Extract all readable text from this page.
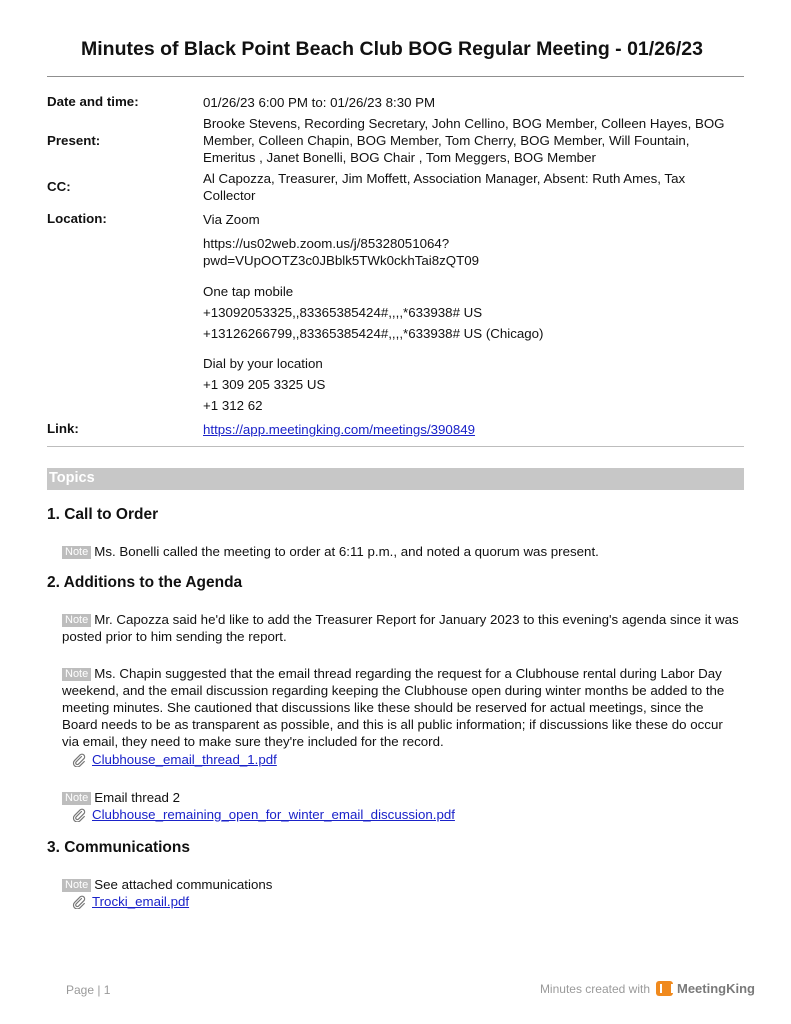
Minutes of Black Point Beach Club BOG Regular Meeting - 01/26/23
Date and time:	01/26/23 6:00 PM to: 01/26/23 8:30 PM
Present:
Brooke Stevens, Recording Secretary, John Cellino, BOG Member, Colleen Hayes, BOG Member, Colleen Chapin, BOG Member, Tom Cherry, BOG Member, Will Fountain, Emeritus , Janet Bonelli, BOG Chair , Tom Meggers, BOG Member
CC:
Al Capozza, Treasurer, Jim Moffett, Association Manager, Absent: Ruth Ames, Tax Collector
Location:	Via Zoom
https://us02web.zoom.us/j/85328051064?
pwd=VUpOOTZ3c0JBblk5TWk0ckhTai8zQT09
One tap mobile
+13092053325,,83365385424#,,,,*633938# US
+13126266799,,83365385424#,,,,*633938# US (Chicago)
Dial by your location
+1 309 205 3325 US
+1 312 62
Link:	https://app.meetingking.com/meetings/390849
Topics
1. Call to Order
Note Ms. Bonelli called the meeting to order at 6:11 p.m., and noted a quorum was present.
2. Additions to the Agenda
Note Mr. Capozza said he'd like to add the Treasurer Report for January 2023 to this evening's agenda since it was posted prior to him sending the report.
Note Ms. Chapin suggested that the email thread regarding the request for a Clubhouse rental during Labor Day weekend, and the email discussion regarding keeping the Clubhouse open during winter months be added to the meeting minutes. She cautioned that discussions like these should be reserved for actual meetings, since the Board needs to be as transparent as possible, and this is all public information; if discussions like these do occur via email, they need to make sure they're included for the record.
Clubhouse_email_thread_1.pdf
Note Email thread 2
Clubhouse_remaining_open_for_winter_email_discussion.pdf
3. Communications
Note See attached communications
Trocki_email.pdf
Page | 1	Minutes created with MeetingKing
